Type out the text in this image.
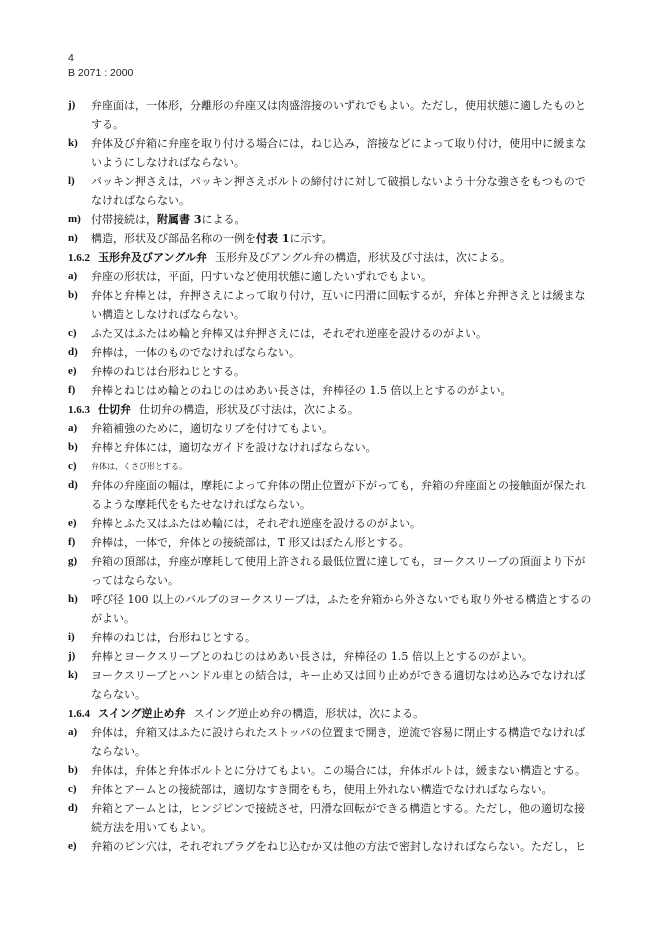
4
B 2071 : 2000
j) 弁座面は，一体形，分離形の弁座又は肉盛溶接のいずれでもよい。ただし，使用状態に適したものと
する。
k) 弁体及び弁箱に弁座を取り付ける場合には，ねじ込み，溶接などによって取り付け，使用中に緩まな
いようにしなければならない。
l) パッキン押さえは，パッキン押さえボルトの締付けに対して破損しないよう十分な強さをもつもので
なければならない。
m) 付帯接続は，附属書 3による。
n) 構造，形状及び部品名称の一例を付表 1に示す。
1.6.2 玉形弁及びアングル弁 玉形弁及びアングル弁の構造，形状及び寸法は，次による。
a) 弁座の形状は，平面，円すいなど使用状態に適したいずれでもよい。
b) 弁体と弁棒とは，弁押さえによって取り付け，互いに円滑に回転するが，弁体と弁押さえとは緩まな
い構造としなければならない。
c) ふた又はふたはめ輪と弁棒又は弁押さえには，それぞれ逆座を設けるのがよい。
d) 弁棒は，一体のものでなければならない。
e) 弁棒のねじは台形ねじとする。
f) 弁棒とねじはめ輪とのねじのはめあい長さは，弁棒径の 1.5 倍以上とするのがよい。
1.6.3 仕切弁 仕切弁の構造，形状及び寸法は，次による。
a) 弁箱補強のために，適切なリブを付けてもよい。
b) 弁棒と弁体には，適切なガイドを設けなければならない。
c) 弁体は，くさび形とする。
d) 弁体の弁座面の幅は，摩耗によって弁体の閉止位置が下がっても，弁箱の弁座面との接触面が保たれ
るような摩耗代をもたせなければならない。
e) 弁棒とふた又はふたはめ輪には，それぞれ逆座を設けるのがよい。
f) 弁棒は，一体で，弁体との接続部は，T 形又はぼたん形とする。
g) 弁箱の頂部は，弁座が摩耗して使用上許される最低位置に達しても，ヨークスリーブの頂面より下が
ってはならない。
h) 呼び径 100 以上のバルブのヨークスリーブは，ふたを弁箱から外さないでも取り外せる構造とするの
がよい。
i) 弁棒のねじは，台形ねじとする。
j) 弁棒とヨークスリーブとのねじのはめあい長さは，弁棒径の 1.5 倍以上とするのがよい。
k) ヨークスリーブとハンドル車との結合は，キー止め又は回り止めができる適切なはめ込みでなければ
ならない。
1.6.4 スイング逆止め弁 スイング逆止め弁の構造，形状は，次による。
a) 弁体は，弁箱又はふたに設けられたストッパの位置まで開き，逆流で容易に閉止する構造でなければ
ならない。
b) 弁体は，弁体と弁体ボルトとに分けてもよい。この場合には，弁体ボルトは，緩まない構造とする。
c) 弁体とアームとの接続部は，適切なすき間をもち，使用上外れない構造でなければならない。
d) 弁箱とアームとは，ヒンジピンで接続させ，円滑な回転ができる構造とする。ただし，他の適切な接
続方法を用いてもよい。
e) 弁箱のピン穴は，それぞれプラグをねじ込むか又は他の方法で密封しなければならない。ただし，ヒ
